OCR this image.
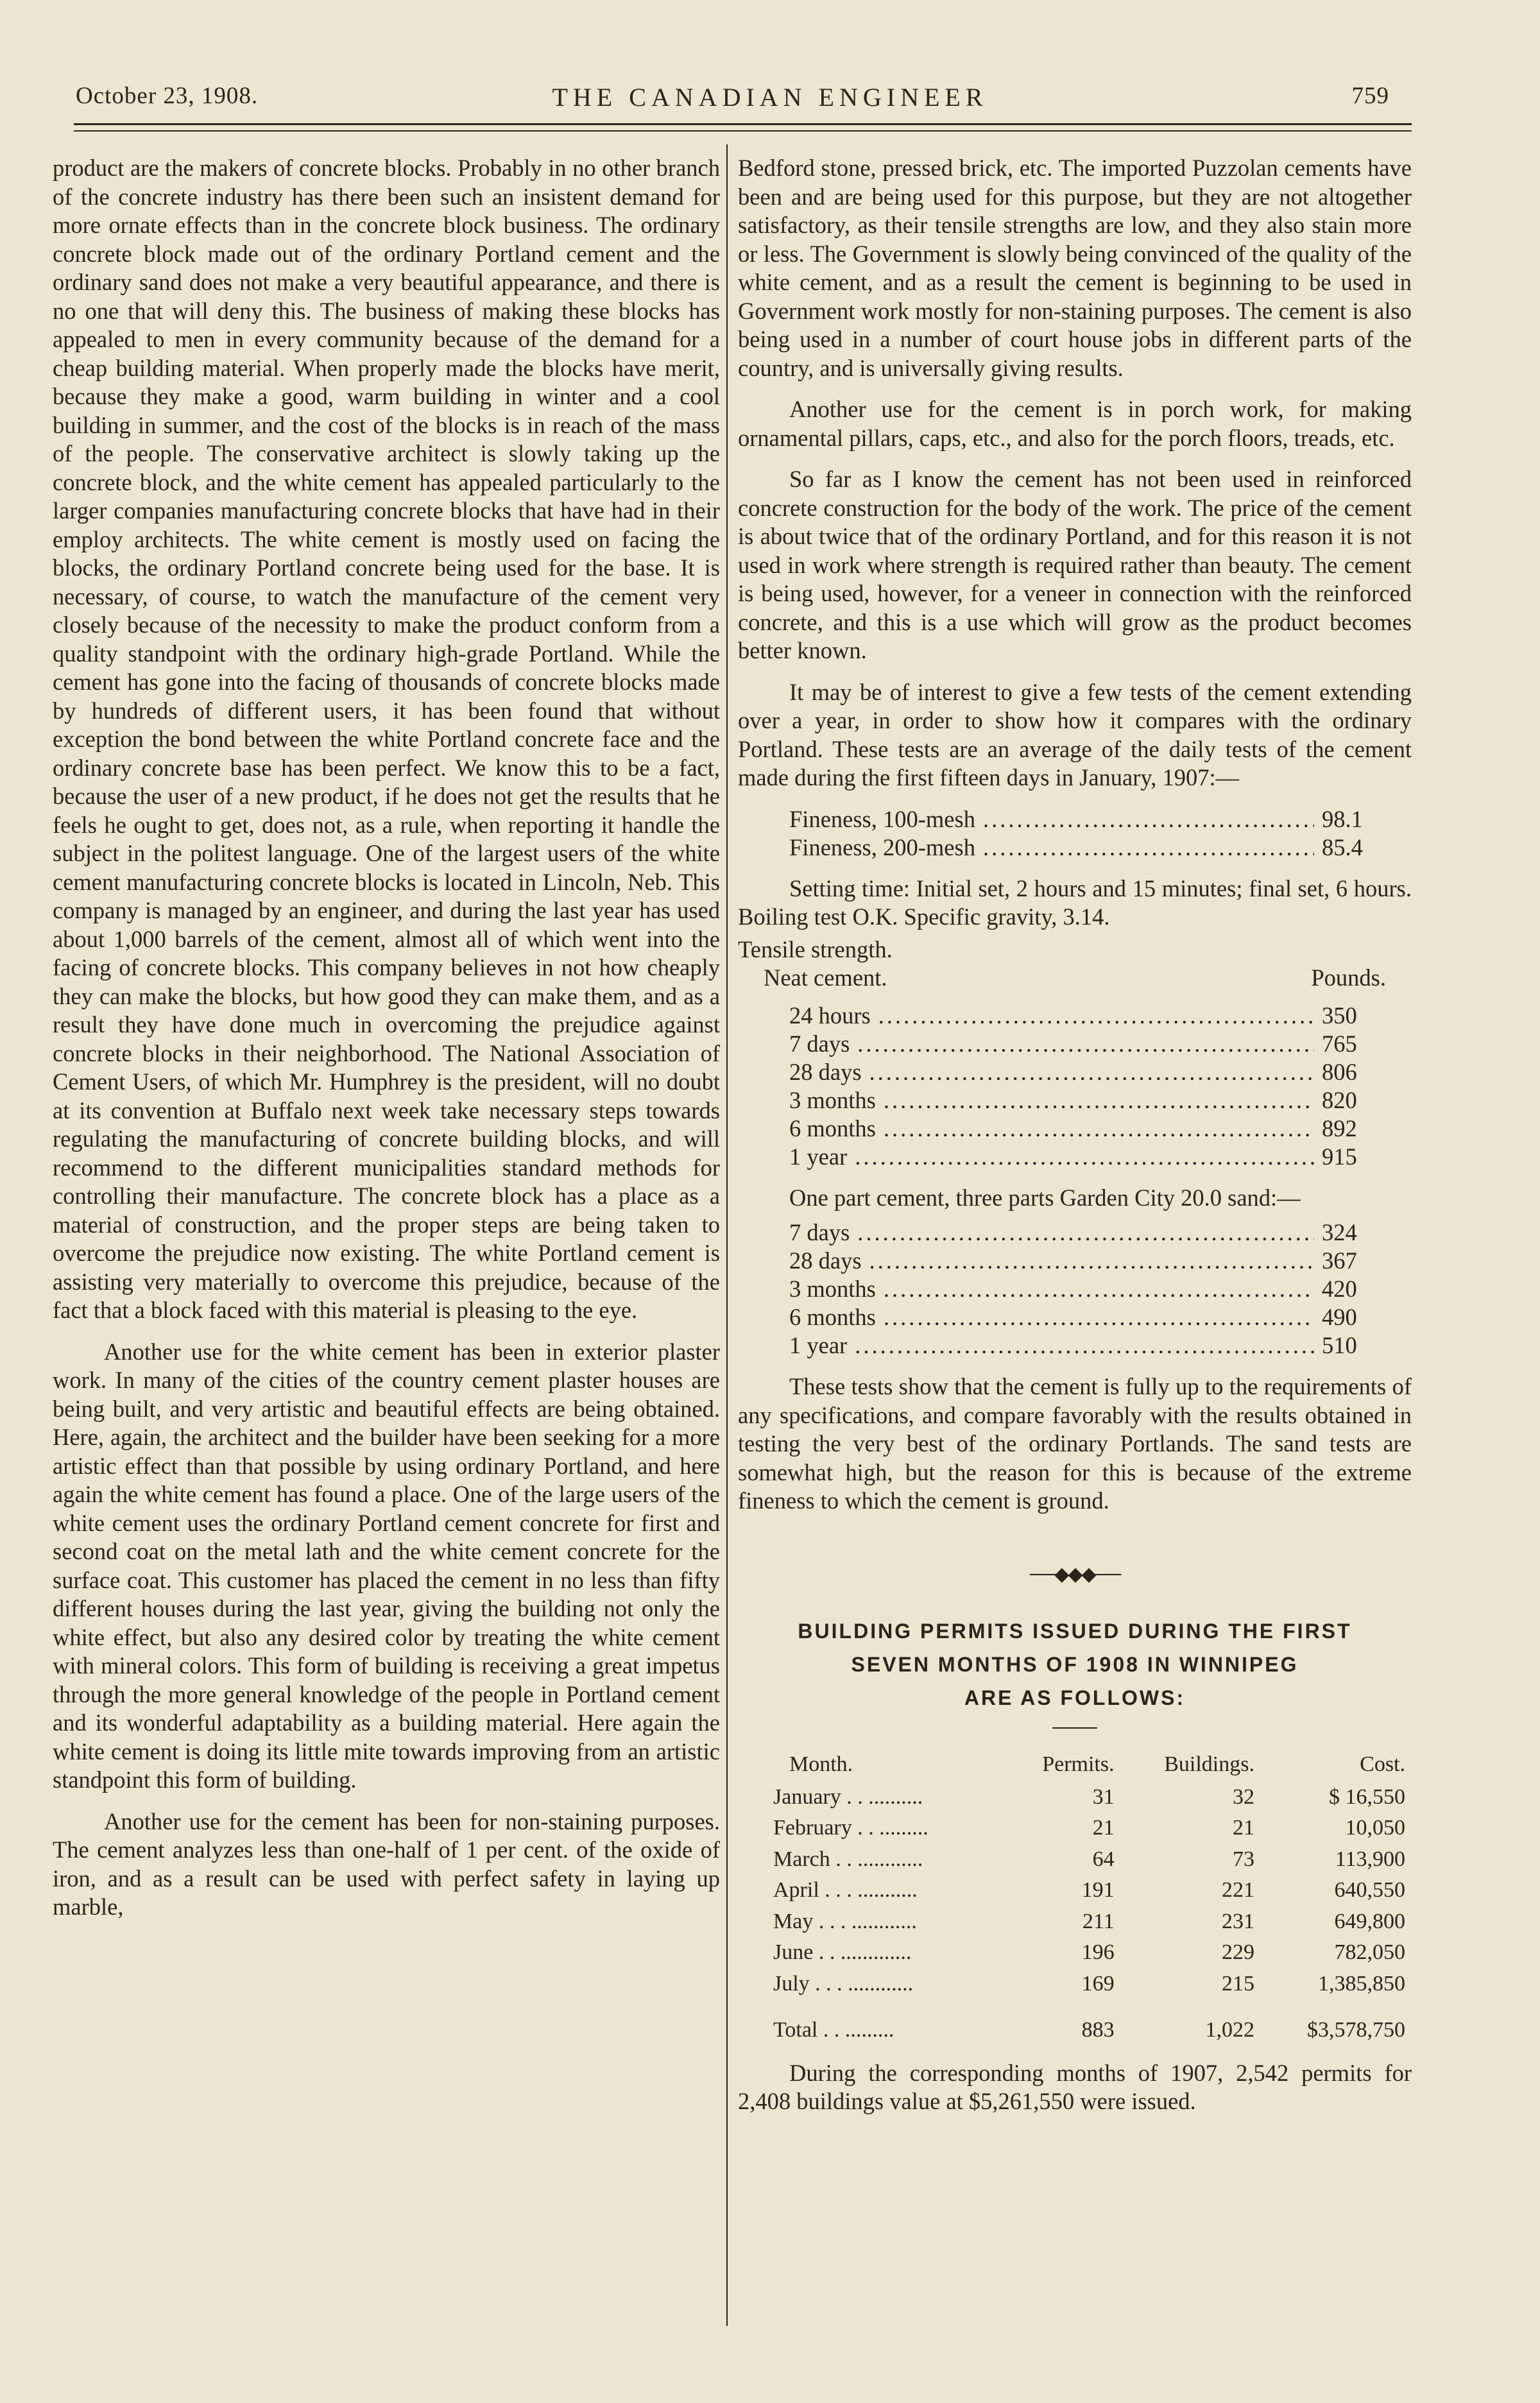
October 23, 1908.	THE CANADIAN ENGINEER	759

product are the makers of concrete blocks. Probably in no other branch of the concrete industry has there been such an insistent demand for more ornate effects than in the concrete block business. The ordinary concrete block made out of the ordinary Portland cement and the ordinary sand does not make a very beautiful appearance, and there is no one that will deny this. The business of making these blocks has appealed to men in every community because of the demand for a cheap building material. When properly made the blocks have merit, because they make a good, warm building in winter and a cool building in summer, and the cost of the blocks is in reach of the mass of the people. The conservative architect is slowly taking up the concrete block, and the white cement has appealed particularly to the larger companies manufacturing concrete blocks that have had in their employ architects. The white cement is mostly used on facing the blocks, the ordinary Portland concrete being used for the base. It is necessary, of course, to watch the manufacture of the cement very closely because of the necessity to make the product conform from a quality standpoint with the ordinary high-grade Portland. While the cement has gone into the facing of thousands of concrete blocks made by hundreds of different users, it has been found that without exception the bond between the white Portland concrete face and the ordinary concrete base has been perfect. We know this to be a fact, because the user of a new product, if he does not get the results that he feels he ought to get, does not, as a rule, when reporting it handle the subject in the politest language. One of the largest users of the white cement manufacturing concrete blocks is located in Lincoln, Neb. This company is managed by an engineer, and during the last year has used about 1,000 barrels of the cement, almost all of which went into the facing of concrete blocks. This company believes in not how cheaply they can make the blocks, but how good they can make them, and as a result they have done much in overcoming the prejudice against concrete blocks in their neighborhood. The National Association of Cement Users, of which Mr. Humphrey is the president, will no doubt at its convention at Buffalo next week take necessary steps towards regulating the manufacturing of concrete building blocks, and will recommend to the different municipalities standard methods for controlling their manufacture. The concrete block has a place as a material of construction, and the proper steps are being taken to overcome the prejudice now existing. The white Portland cement is assisting very materially to overcome this prejudice, because of the fact that a block faced with this material is pleasing to the eye.

Another use for the white cement has been in exterior plaster work. In many of the cities of the country cement plaster houses are being built, and very artistic and beautiful effects are being obtained. Here, again, the architect and the builder have been seeking for a more artistic effect than that possible by using ordinary Portland, and here again the white cement has found a place. One of the large users of the white cement uses the ordinary Portland cement concrete for first and second coat on the metal lath and the white cement concrete for the surface coat. This customer has placed the cement in no less than fifty different houses during the last year, giving the building not only the white effect, but also any desired color by treating the white cement with mineral colors. This form of building is receiving a great impetus through the more general knowledge of the people in Portland cement and its wonderful adaptability as a building material. Here again the white cement is doing its little mite towards improving from an artistic standpoint this form of building.

Another use for the cement has been for non-staining purposes. The cement analyzes less than one-half of 1 per cent. of the oxide of iron, and as a result can be used with perfect safety in laying up marble,

Bedford stone, pressed brick, etc. The imported Puzzolan cements have been and are being used for this purpose, but they are not altogether satisfactory, as their tensile strengths are low, and they also stain more or less. The Government is slowly being convinced of the quality of the white cement, and as a result the cement is beginning to be used in Government work mostly for non-staining purposes. The cement is also being used in a number of court house jobs in different parts of the country, and is universally giving results.

Another use for the cement is in porch work, for making ornamental pillars, caps, etc., and also for the porch floors, treads, etc.

So far as I know the cement has not been used in reinforced concrete construction for the body of the work. The price of the cement is about twice that of the ordinary Portland, and for this reason it is not used in work where strength is required rather than beauty. The cement is being used, however, for a veneer in connection with the reinforced concrete, and this is a use which will grow as the product becomes better known.

It may be of interest to give a few tests of the cement extending over a year, in order to show how it compares with the ordinary Portland. These tests are an average of the daily tests of the cement made during the first fifteen days in January, 1907:—

Fineness, 100-mesh .....	98.1
Fineness, 200-mesh .....	85.4

Setting time: Initial set, 2 hours and 15 minutes; final set, 6 hours. Boiling test O.K. Specific gravity, 3.14.

Tensile strength.
Neat cement.	Pounds.
24 hours .....	350
7 days .....	765
28 days .....	806
3 months .....	820
6 months .....	892
1 year .....	915

One part cement, three parts Garden City 20.0 sand:—

7 days .....	324
28 days .....	367
3 months .....	420
6 months .....	490
1 year .....	510

These tests show that the cement is fully up to the requirements of any specifications, and compare favorably with the results obtained in testing the very best of the ordinary Portlands. The sand tests are somewhat high, but the reason for this is because of the extreme fineness to which the cement is ground.

──◆◆◆──
BUILDING PERMITS ISSUED DURING THE FIRST
SEVEN MONTHS OF 1908 IN WINNIPEG
ARE AS FOLLOWS:
Month.	Permits.	Buildings.	Cost.
January . . ..........	31	32	$ 16,550
February . . .........	21	21	10,050
March . . ............	64	73	113,900
April . . . ...........	191	221	640,550
May . . . ............	211	231	649,800
June . . .............	196	229	782,050
July . . . ............	169	215	1,385,850
Total . . .........	883	1,022	$3,578,750

During the corresponding months of 1907, 2,542 permits for 2,408 buildings value at $5,261,550 were issued.
